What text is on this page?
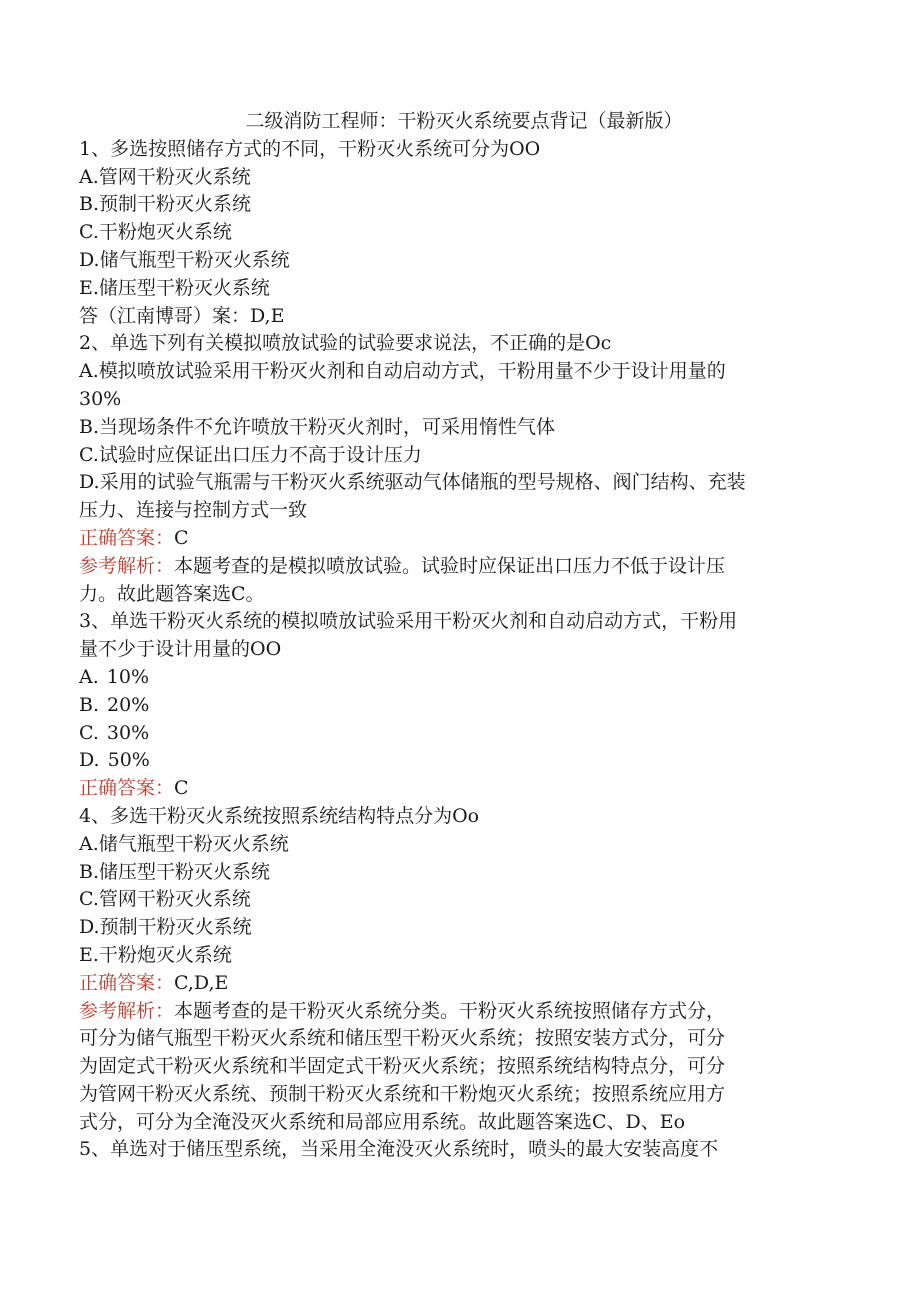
二级消防工程师：干粉灭火系统要点背记（最新版）
1、多选按照储存方式的不同，干粉灭火系统可分为OO
A.管网干粉灭火系统
B.预制干粉灭火系统
C.干粉炮灭火系统
D.储气瓶型干粉灭火系统
E.储压型干粉灭火系统
答（江南博哥）案：D,E
2、单选下列有关模拟喷放试验的试验要求说法，不正确的是Oc
A.模拟喷放试验采用干粉灭火剂和自动启动方式，干粉用量不少于设计用量的
30%
B.当现场条件不允许喷放干粉灭火剂时，可采用惰性气体
C.试验时应保证出口压力不高于设计压力
D.采用的试验气瓶需与干粉灭火系统驱动气体储瓶的型号规格、阀门结构、充装
压力、连接与控制方式一致
正确答案：C
参考解析：本题考查的是模拟喷放试验。试验时应保证出口压力不低于设计压
力。故此题答案选C。
3、单选干粉灭火系统的模拟喷放试验采用干粉灭火剂和自动启动方式，干粉用
量不少于设计用量的OO
A. 10%
B. 20%
C. 30%
D. 50%
正确答案：C
4、多选干粉灭火系统按照系统结构特点分为Oo
A.储气瓶型干粉灭火系统
B.储压型干粉灭火系统
C.管网干粉灭火系统
D.预制干粉灭火系统
E.干粉炮灭火系统
正确答案：C,D,E
参考解析：本题考查的是干粉灭火系统分类。干粉灭火系统按照储存方式分，
可分为储气瓶型干粉灭火系统和储压型干粉灭火系统；按照安装方式分，可分
为固定式干粉灭火系统和半固定式干粉灭火系统；按照系统结构特点分，可分
为管网干粉灭火系统、预制干粉灭火系统和干粉炮灭火系统；按照系统应用方
式分，可分为全淹没灭火系统和局部应用系统。故此题答案选C、D、Eo
5、单选对于储压型系统，当采用全淹没灭火系统时，喷头的最大安装高度不
